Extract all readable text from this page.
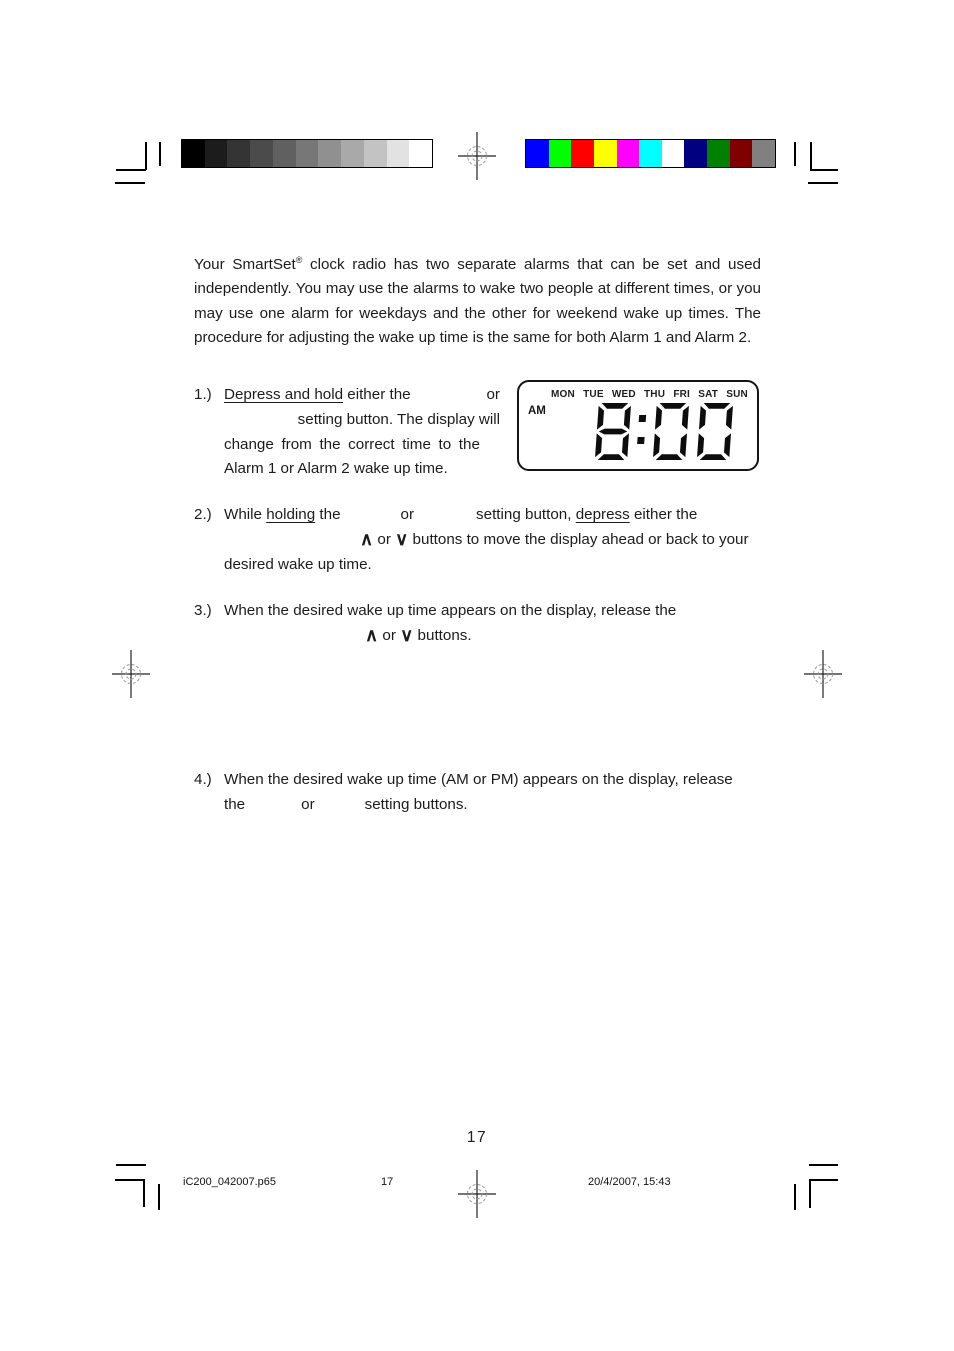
Your SmartSet® clock radio has two separate alarms that can be set and used independently. You may use the alarms to wake two people at different times, or you may use one alarm for weekdays and the other for weekend wake up times. The procedure for adjusting the wake up time is the same for both Alarm 1 and Alarm 2.

1.) Depress and hold either the	or
setting button. The display will
change from the correct time to the
Alarm 1 or Alarm 2 wake up time.
MON TUE WED THU FRI SAT SUN
AM
2.) While holding the	or	setting button, depress either the
∧ or ∨ buttons to move the display ahead or back to your
desired wake up time.
3.) When the desired wake up time appears on the display, release the
∧ or ∨ buttons.
4.) When the desired wake up time (AM or PM) appears on the display, release
the	or	setting buttons.
17
iC200_042007.p65	17	20/4/2007, 15:43
